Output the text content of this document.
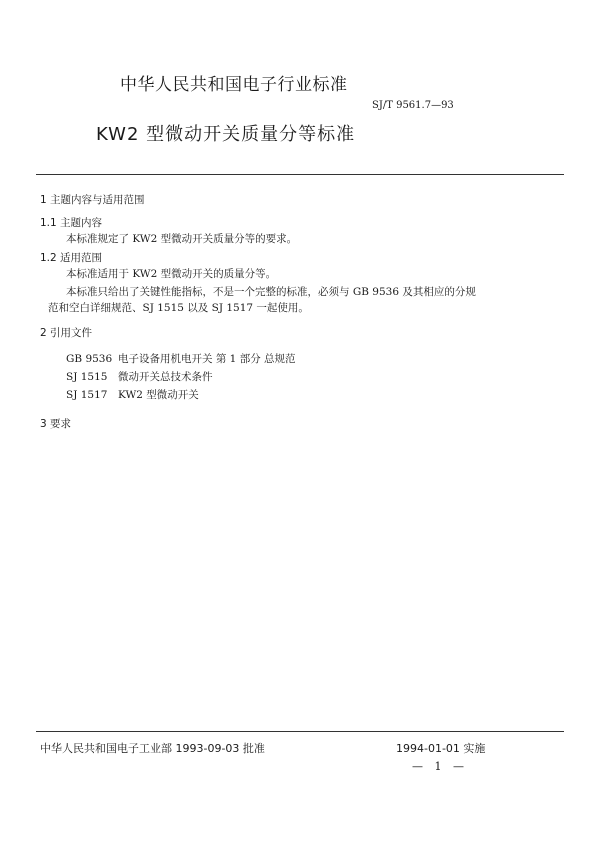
中华人民共和国电子行业标准
SJ/T 9561.7—93
KW2 型微动开关质量分等标准
1 主题内容与适用范围
1.1 主题内容
本标准规定了 KW2 型微动开关质量分等的要求。
1.2 适用范围
本标准适用于 KW2 型微动开关的质量分等。
本标准只给出了关键性能指标，不是一个完整的标准，必须与 GB 9536 及其相应的分规
范和空白详细规范、SJ 1515 以及 SJ 1517 一起使用。
2 引用文件
GB 9536 电子设备用机电开关 第 1 部分 总规范
SJ 1515	微动开关总技术条件
SJ 1517	KW2 型微动开关
3 要求
中华人民共和国电子工业部 1993-09-03 批准	1994-01-01 实施
— 1 —
